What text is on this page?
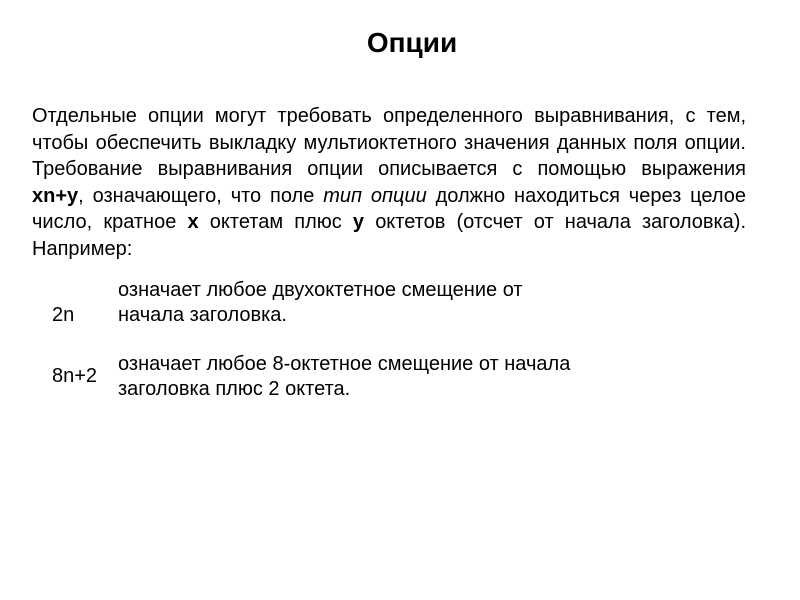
Опции

Отдельные опции могут требовать определенного выравнивания, с тем, чтобы обеспечить выкладку мультиоктетного значения данных поля опции. Требование выравнивания опции описывается с помощью выражения xn+y, означающего, что поле тип опции должно находиться через целое число, кратное x октетам плюс y октетов (отсчет от начала заголовка). Например:

2n
означает любое двухоктетное смещение от
начала заголовка.
8n+2
означает любое 8-октетное смещение от начала
заголовка плюс 2 октета.
